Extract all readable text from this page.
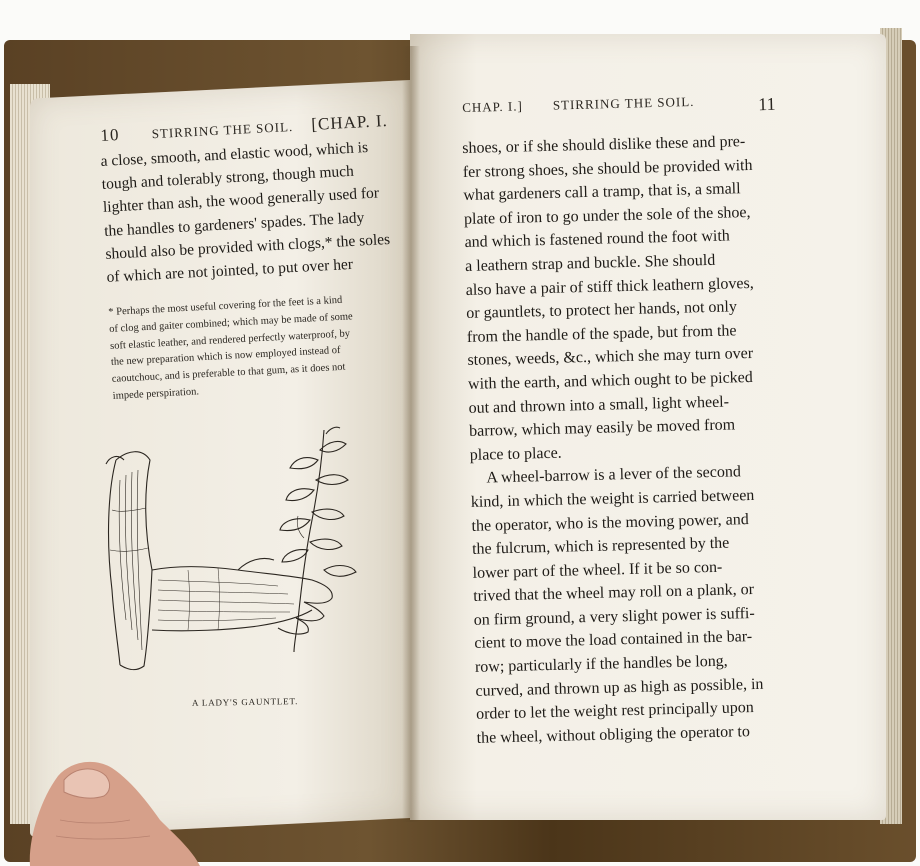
10 STIRRING THE SOIL. [CHAP. I.
a close, smooth, and elastic wood, which is
tough and tolerably strong, though much
lighter than ash, the wood generally used for
the handles to gardeners' spades. The lady
should also be provided with clogs,* the soles
of which are not jointed, to put over her
* Perhaps the most useful covering for the feet is a kind
of clog and gaiter combined; which may be made of some
soft elastic leather, and rendered perfectly waterproof, by
the new preparation which is now employed instead of
caoutchouc, and is preferable to that gum, as it does not
impede perspiration.
A LADY'S GAUNTLET.
CHAP. I.] STIRRING THE SOIL.	11
shoes, or if she should dislike these and pre-
fer strong shoes, she should be provided with
what gardeners call a tramp, that is, a small
plate of iron to go under the sole of the shoe,
and which is fastened round the foot with
a leathern strap and buckle. She should
also have a pair of stiff thick leathern gloves,
or gauntlets, to protect her hands, not only
from the handle of the spade, but from the
stones, weeds, &c., which she may turn over
with the earth, and which ought to be picked
out and thrown into a small, light wheel-
barrow, which may easily be moved from
place to place.
A wheel-barrow is a lever of the second
kind, in which the weight is carried between
the operator, who is the moving power, and
the fulcrum, which is represented by the
lower part of the wheel. If it be so con-
trived that the wheel may roll on a plank, or
on firm ground, a very slight power is suffi-
cient to move the load contained in the bar-
row; particularly if the handles be long,
curved, and thrown up as high as possible, in
order to let the weight rest principally upon
the wheel, without obliging the operator to
